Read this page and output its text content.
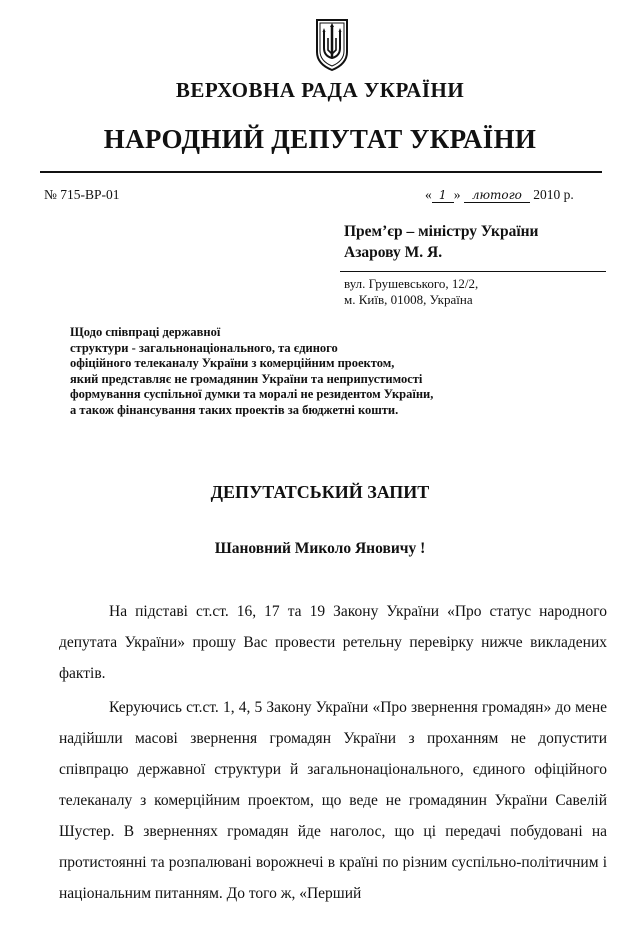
ВЕРХОВНА РАДА УКРАЇНИ
НАРОДНИЙ ДЕПУТАТ УКРАЇНИ
№ 715-ВР-01	« 1 » лютого 2010 р.
Прем’єр – міністру України
Азарову М. Я.
вул. Грушевського, 12/2,
м. Київ, 01008, Україна
Щодо співпраці державної
структури - загальнонаціонального, та єдиного
офіційного телеканалу України з комерційним проектом,
який представляє не громадянин України та неприпустимості
формування суспільної думки та моралі не резидентом України,
а також фінансування таких проектів за бюджетні кошти.
ДЕПУТАТСЬКИЙ ЗАПИТ
Шановний Миколо Яновичу !

На підставі ст.ст. 16, 17 та 19 Закону України «Про статус народного депутата України» прошу Вас провести ретельну перевірку нижче викладених фактів.

Керуючись ст.ст. 1, 4, 5 Закону України «Про звернення громадян» до мене надійшли масові звернення громадян України з проханням не допустити співпрацю державної структури й загальнонаціонального, єдиного офіційного телеканалу з комерційним проектом, що веде не громадянин України Савелій Шустер. В зверненнях громадян йде наголос, що ці передачі побудовані на протистоянні та розпалювані ворожнечі в країні по різним суспільно-політичним і національним питанням. До того ж, «Перший
